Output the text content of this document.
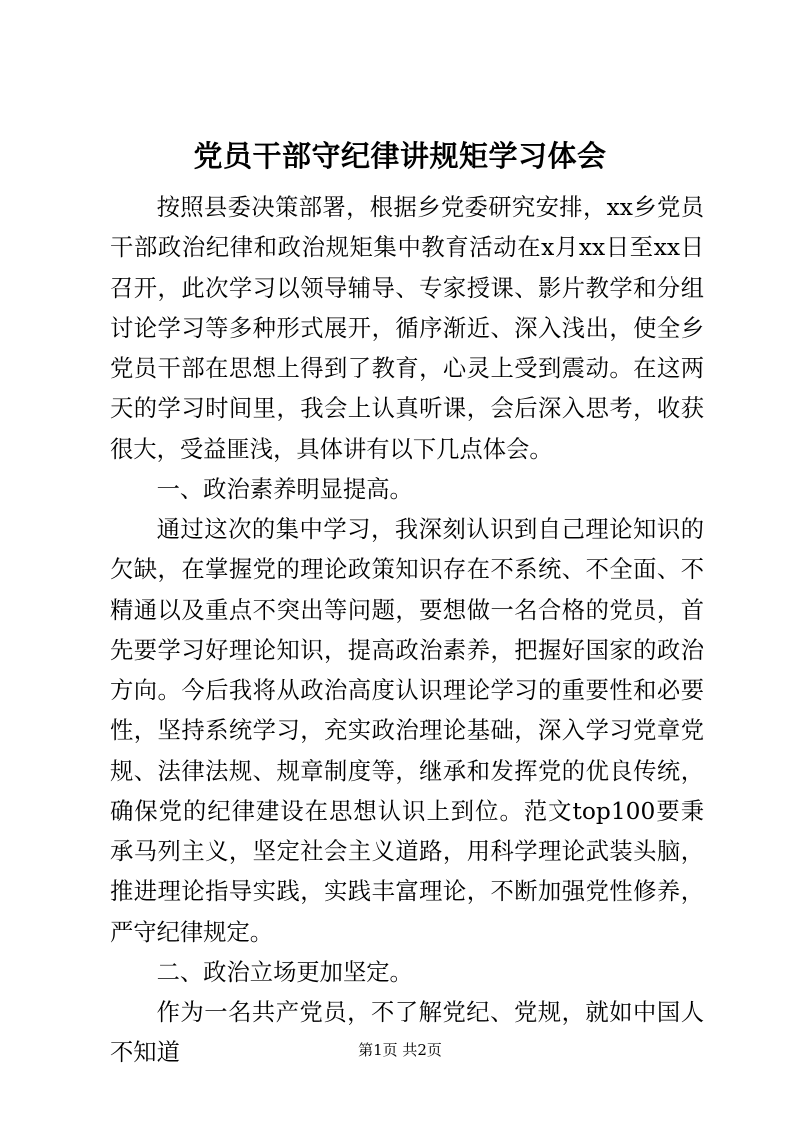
党员干部守纪律讲规矩学习体会

按照县委决策部署，根据乡党委研究安排，xx乡党员干部政治纪律和政治规矩集中教育活动在x月xx日至xx日召开，此次学习以领导辅导、专家授课、影片教学和分组讨论学习等多种形式展开，循序渐近、深入浅出，使全乡党员干部在思想上得到了教育，心灵上受到震动。在这两天的学习时间里，我会上认真听课，会后深入思考，收获很大，受益匪浅，具体讲有以下几点体会。

一、政治素养明显提高。

通过这次的集中学习，我深刻认识到自己理论知识的欠缺，在掌握党的理论政策知识存在不系统、不全面、不精通以及重点不突出等问题，要想做一名合格的党员，首先要学习好理论知识，提高政治素养，把握好国家的政治方向。今后我将从政治高度认识理论学习的重要性和必要性，坚持系统学习，充实政治理论基础，深入学习党章党规、法律法规、规章制度等，继承和发挥党的优良传统，确保党的纪律建设在思想认识上到位。范文top100要秉承马列主义，坚定社会主义道路，用科学理论武装头脑，推进理论指导实践，实践丰富理论，不断加强党性修养，严守纪律规定。

二、政治立场更加坚定。

作为一名共产党员，不了解党纪、党规，就如中国人不知道	第1页 共2页
